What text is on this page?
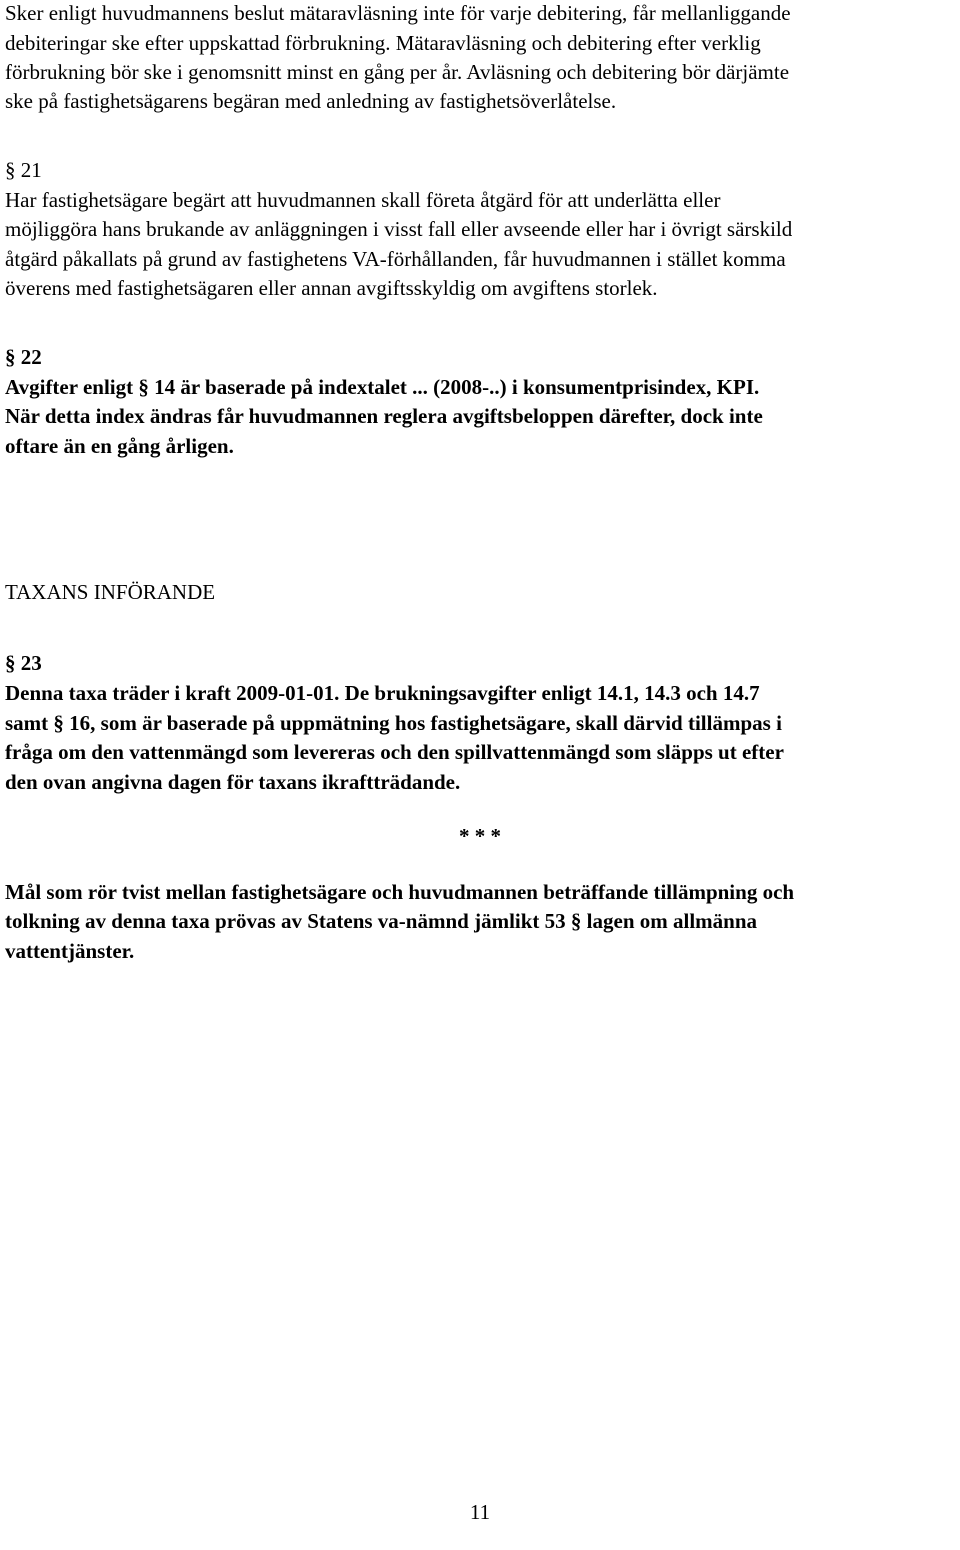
Sker enligt huvudmannens beslut mätaravläsning inte för varje debitering, får mellanliggande
debiteringar ske efter uppskattad förbrukning. Mätaravläsning och debitering efter verklig
förbrukning bör ske i genomsnitt minst en gång per år. Avläsning och debitering bör därjämte
ske på fastighetsägarens begäran med anledning av fastighetsöverlåtelse.
§ 21
Har fastighetsägare begärt att huvudmannen skall företa åtgärd för att underlätta eller
möjliggöra hans brukande av anläggningen i visst fall eller avseende eller har i övrigt särskild
åtgärd påkallats på grund av fastighetens VA-förhållanden, får huvudmannen i stället komma
överens med fastighetsägaren eller annan avgiftsskyldig om avgiftens storlek.
§ 22
Avgifter enligt § 14 är baserade på indextalet ... (2008-..) i konsumentprisindex, KPI.
När detta index ändras får huvudmannen reglera avgiftsbeloppen därefter, dock inte
oftare än en gång årligen.
TAXANS INFÖRANDE
§ 23
Denna taxa träder i kraft 2009-01-01. De brukningsavgifter enligt 14.1, 14.3 och 14.7
samt § 16, som är baserade på uppmätning hos fastighetsägare, skall därvid tillämpas i
fråga om den vattenmängd som levereras och den spillvattenmängd som släpps ut efter
den ovan angivna dagen för taxans ikraftträdande.
* * *
Mål som rör tvist mellan fastighetsägare och huvudmannen beträffande tillämpning och
tolkning av denna taxa prövas av Statens va-nämnd jämlikt 53 § lagen om allmänna
vattentjänster.
11
